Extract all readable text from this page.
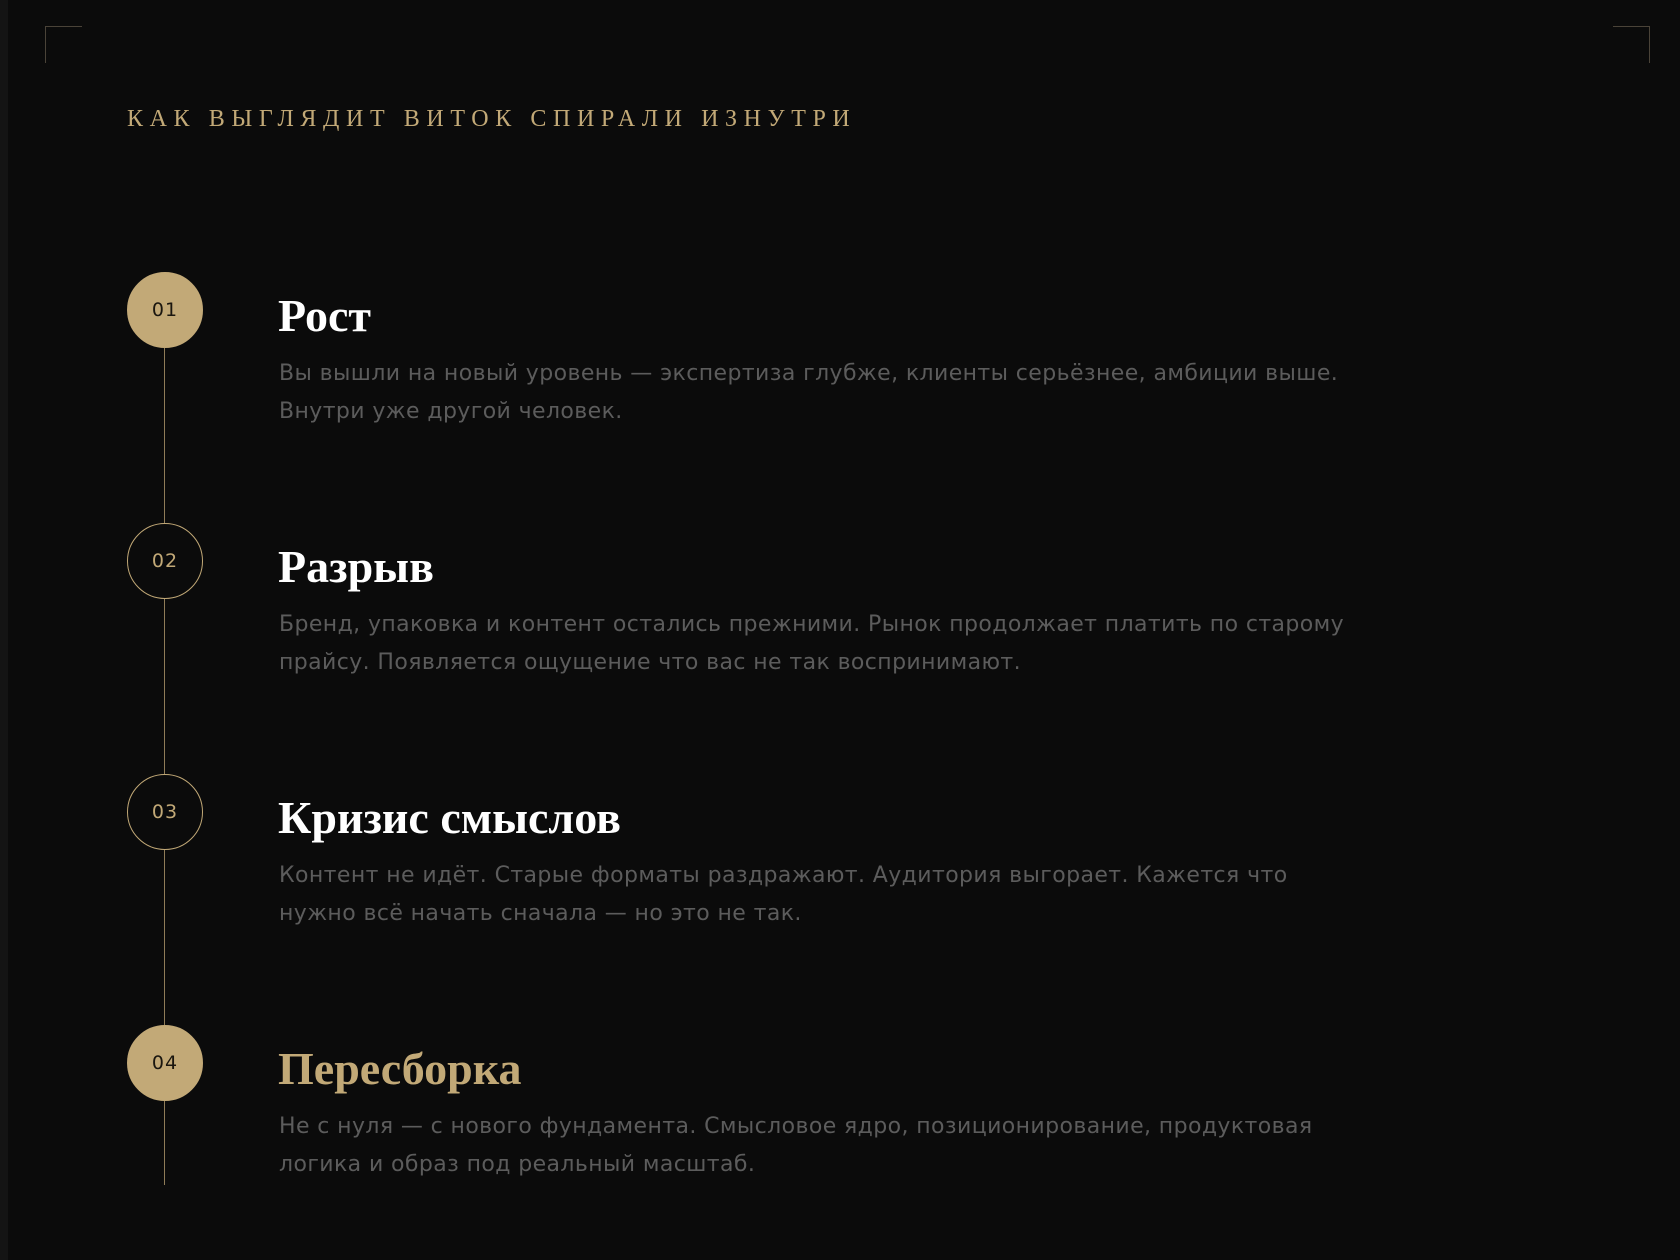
КАК ВЫГЛЯДИТ ВИТОК СПИРАЛИ ИЗНУТРИ
01	Рост
Вы вышли на новый уровень — экспертиза глубже, клиенты серьёзнее, амбиции выше. Внутри уже другой человек.
02	Разрыв
Бренд, упаковка и контент остались прежними. Рынок продолжает платить по старому прайсу. Появляется ощущение что вас не так воспринимают.
03	Кризис смыслов
Контент не идёт. Старые форматы раздражают. Аудитория выгорает. Кажется что нужно всё начать сначала — но это не так.
04	Пересборка
Не с нуля — с нового фундамента. Смысловое ядро, позиционирование, продуктовая логика и образ под реальный масштаб.
